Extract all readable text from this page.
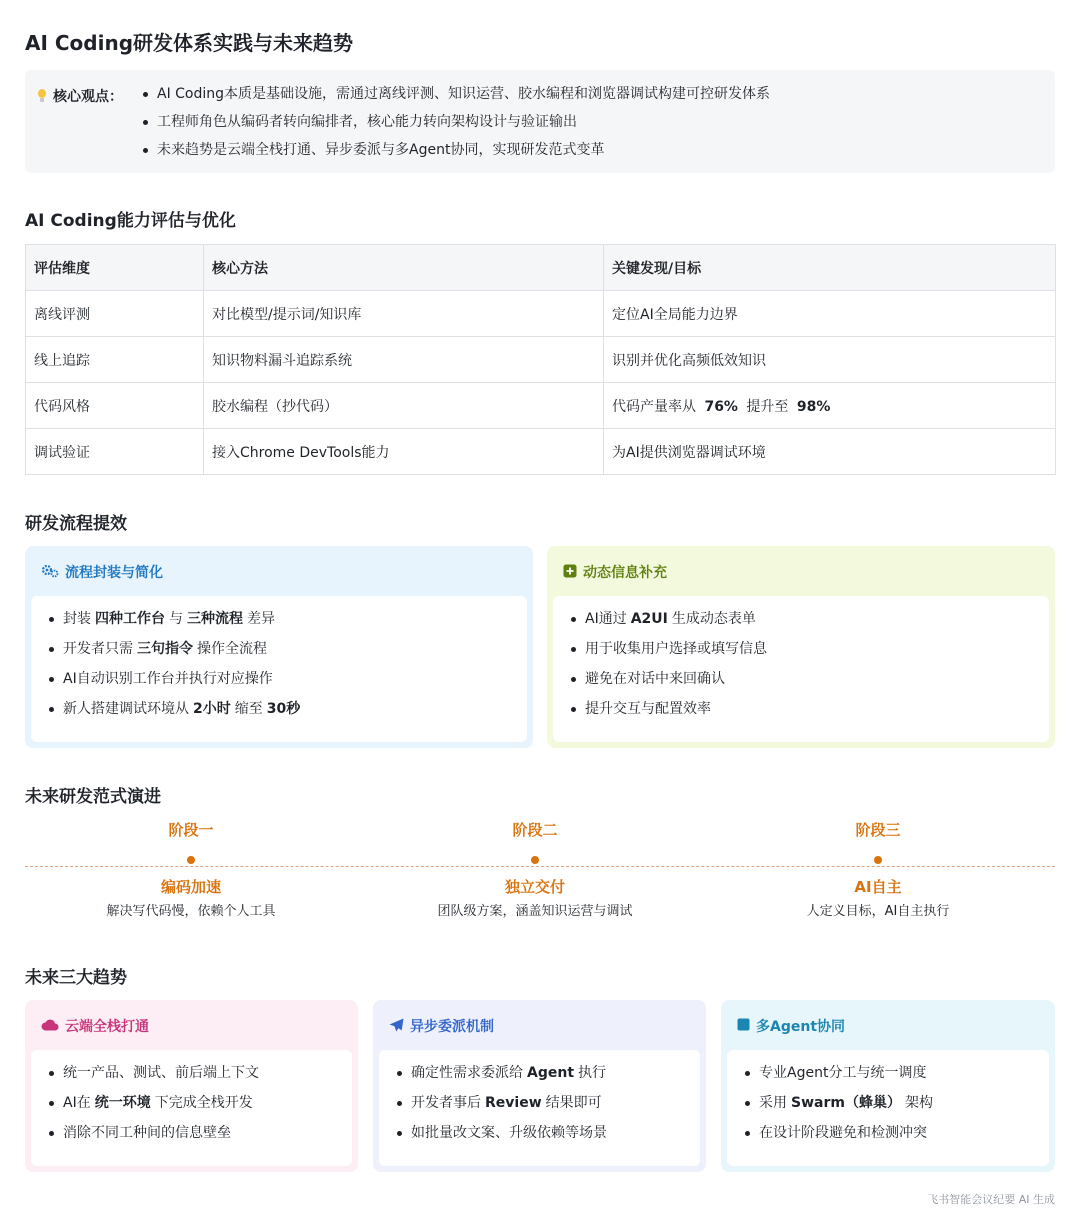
AI Coding研发体系实践与未来趋势
核心观点：	AI Coding本质是基础设施，需通过离线评测、知识运营、胶水编程和浏览器调试构建可控研发体系
工程师角色从编码者转向编排者，核心能力转向架构设计与验证输出
未来趋势是云端全栈打通、异步委派与多Agent协同，实现研发范式变革
AI Coding能力评估与优化
评估维度	核心方法	关键发现/目标
离线评测	对比模型/提示词/知识库	定位AI全局能力边界
线上追踪	知识物料漏斗追踪系统	识别并优化高频低效知识
代码风格	胶水编程（抄代码）	代码产量率从 76% 提升至 98%
调试验证	接入Chrome DevTools能力	为AI提供浏览器调试环境
研发流程提效
流程封装与简化
封装 四种工作台 与 三种流程 差异
开发者只需 三句指令 操作全流程
AI自动识别工作台并执行对应操作
新人搭建调试环境从 2小时 缩至 30秒
动态信息补充
AI通过 A2UI 生成动态表单
用于收集用户选择或填写信息
避免在对话中来回确认
提升交互与配置效率
未来研发范式演进
阶段一
编码加速
解决写代码慢，依赖个人工具
阶段二
独立交付
团队级方案，涵盖知识运营与调试
阶段三
AI自主
人定义目标，AI自主执行
未来三大趋势
云端全栈打通
统一产品、测试、前后端上下文
AI在 统一环境 下完成全栈开发
消除不同工种间的信息壁垒
异步委派机制
确定性需求委派给 Agent 执行
开发者事后 Review 结果即可
如批量改文案、升级依赖等场景
多Agent协同
专业Agent分工与统一调度
采用 Swarm（蜂巢） 架构
在设计阶段避免和检测冲突
飞书智能会议纪要 AI 生成
